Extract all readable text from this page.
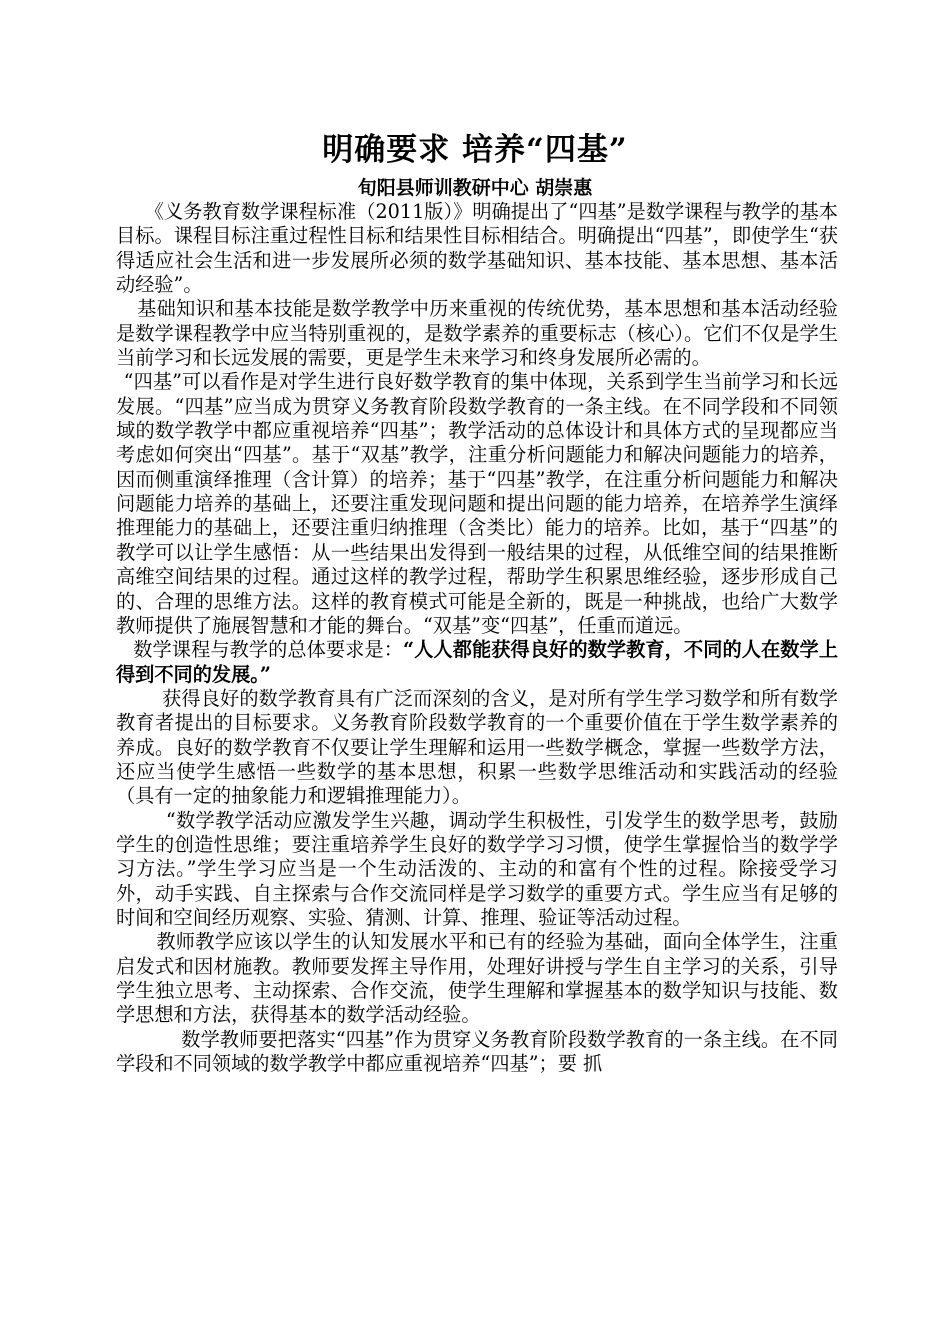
明确要求 培养“四基”
旬阳县师训教研中心 胡崇惠

《义务教育数学课程标准（2011版）》明确提出了“四基”是数学课程与教学的基本目标。课程目标注重过程性目标和结果性目标相结合。明确提出“四基”，即使学生“获得适应社会生活和进一步发展所必须的数学基础知识、基本技能、基本思想、基本活动经验”。

基础知识和基本技能是数学教学中历来重视的传统优势，基本思想和基本活动经验是数学课程教学中应当特别重视的，是数学素养的重要标志（核心）。它们不仅是学生当前学习和长远发展的需要，更是学生未来学习和终身发展所必需的。

“四基”可以看作是对学生进行良好数学教育的集中体现，关系到学生当前学习和长远发展。“四基”应当成为贯穿义务教育阶段数学教育的一条主线。在不同学段和不同领域的数学教学中都应重视培养“四基”；教学活动的总体设计和具体方式的呈现都应当考虑如何突出“四基”。基于“双基”教学，注重分析问题能力和解决问题能力的培养，因而侧重演绎推理（含计算）的培养；基于“四基”教学，在注重分析问题能力和解决问题能力培养的基础上，还要注重发现问题和提出问题的能力培养，在培养学生演绎推理能力的基础上，还要注重归纳推理（含类比）能力的培养。比如，基于“四基”的教学可以让学生感悟：从一些结果出发得到一般结果的过程，从低维空间的结果推断高维空间结果的过程。通过这样的教学过程，帮助学生积累思维经验，逐步形成自己的、合理的思维方法。这样的教育模式可能是全新的，既是一种挑战，也给广大数学教师提供了施展智慧和才能的舞台。“双基”变“四基”，任重而道远。

数学课程与教学的总体要求是：“人人都能获得良好的数学教育，不同的人在数学上得到不同的发展。”

获得良好的数学教育具有广泛而深刻的含义，是对所有学生学习数学和所有数学教育者提出的目标要求。义务教育阶段数学教育的一个重要价值在于学生数学素养的养成。良好的数学教育不仅要让学生理解和运用一些数学概念，掌握一些数学方法，还应当使学生感悟一些数学的基本思想，积累一些数学思维活动和实践活动的经验（具有一定的抽象能力和逻辑推理能力）。

“数学教学活动应激发学生兴趣，调动学生积极性，引发学生的数学思考，鼓励学生的创造性思维；要注重培养学生良好的数学学习习惯，使学生掌握恰当的数学学习方法。”学生学习应当是一个生动活泼的、主动的和富有个性的过程。除接受学习外，动手实践、自主探索与合作交流同样是学习数学的重要方式。学生应当有足够的时间和空间经历观察、实验、猜测、计算、推理、验证等活动过程。

教师教学应该以学生的认知发展水平和已有的经验为基础，面向全体学生，注重启发式和因材施教。教师要发挥主导作用，处理好讲授与学生自主学习的关系，引导学生独立思考、主动探索、合作交流，使学生理解和掌握基本的数学知识与技能、数学思想和方法，获得基本的数学活动经验。

数学教师要把落实“四基”作为贯穿义务教育阶段数学教育的一条主线。在不同学段和不同领域的数学教学中都应重视培养“四基”；要 抓
